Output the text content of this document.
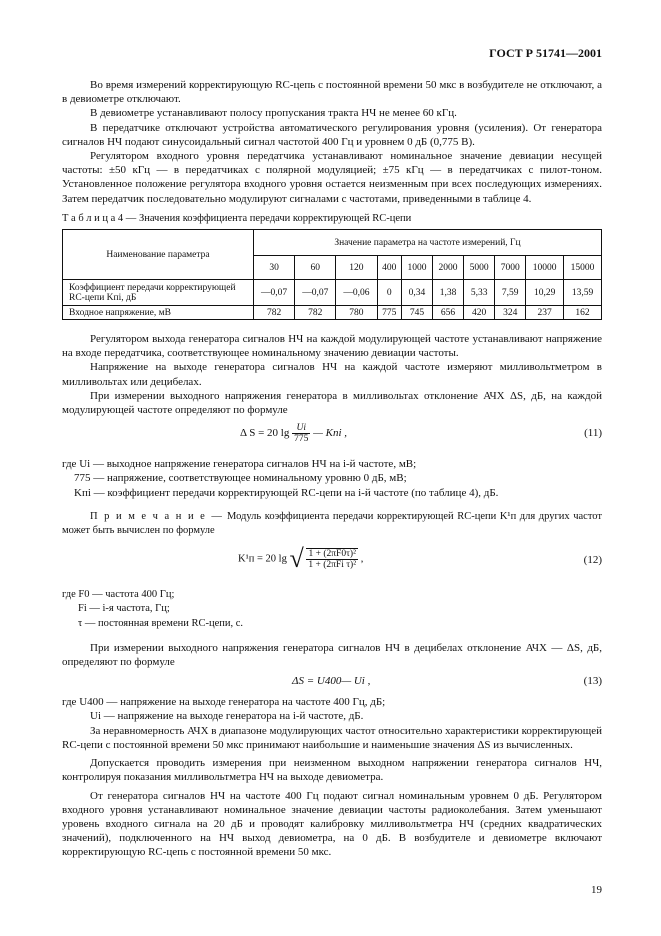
ГОСТ Р 51741—2001

Во время измерений корректирующую RC-цепь с постоянной времени 50 мкс в возбудителе не отключают, а в девиометре отключают.

В девиометре устанавливают полосу пропускания тракта НЧ не менее 60 кГц.

В передатчике отключают устройства автоматического регулирования уровня (усиления). От генератора сигналов НЧ подают синусоидальный сигнал частотой 400 Гц и уровнем 0 дБ (0,775 В).

Регулятором входного уровня передатчика устанавливают номинальное значение девиации несущей частоты: ±50 кГц — в передатчиках с полярной модуляцией; ±75 кГц — в передатчиках с пилот-тоном. Установленное положение регулятора входного уровня остается неизменным при всех последующих измерениях. Затем передатчик последовательно модулируют сигналами с частотами, приведенными в таблице 4.

Т а б л и ц а 4 — Значения коэффициента передачи корректирующей RC-цепи

Наименование параметра	Значение параметра на частоте измерений, Гц									
	30	60	120	400	1000	2000	5000	7000	10000	15000
Коэффициент передачи корректирующей RC-цепи Kпi, дБ	—0,07	—0,07	—0,06	0	0,34	1,38	5,33	7,59	10,29	13,59
Входное напряжение, мВ	782	782	780	775	745	656	420	324	237	162

Регулятором выхода генератора сигналов НЧ на каждой модулирующей частоте устанавливают напряжение на входе передатчика, соответствующее номинальному значению девиации частоты.

Напряжение на выходе генератора сигналов НЧ на каждой частоте измеряют милливольтметром в милливольтах или децибелах.

При измерении выходного напряжения генератора в милливольтах отклонение АЧХ ΔS, дБ, на каждой модулирующей частоте определяют по формуле

Δ S = 20 $\lg \frac{Ui}{775}$ — Kпi ,	(11)
где Ui — выходное напряжение генератора сигналов НЧ на i-й частоте, мВ;
775 — напряжение, соответствующее номинальному уровню 0 дБ, мВ;
Kпi — коэффициент передачи корректирующей RC-цепи на i-й частоте (по таблице 4), дБ.

П р и м е ч а н и е — Модуль коэффициента передачи корректирующей RC-цепи K¹п для других частот может быть вычислен по формуле

K¹п = 20 lg √ $\frac{\text{1 + (2πF0τ)²}}{\text{1 + (2πFi τ)²}}$ ,	(12)
где F0 — частота 400 Гц;
Fi — i-я частота, Гц;
τ — постоянная времени RC-цепи, с.

При измерении выходного напряжения генератора сигналов НЧ в децибелах отклонение АЧХ — ΔS, дБ, определяют по формуле

ΔS = U400— Ui ,	(13)
где U400 — напряжение на выходе генератора на частоте 400 Гц, дБ;
Ui — напряжение на выходе генератора на i-й частоте, дБ.

За неравномерность АЧХ в диапазоне модулирующих частот относительно характеристики корректирующей RC-цепи с постоянной времени 50 мкс принимают наибольшие и наименьшие значения ΔS из вычисленных.

Допускается проводить измерения при неизменном выходном напряжении генератора сигналов НЧ, контролируя показания милливольтметра НЧ на выходе девиометра.

От генератора сигналов НЧ на частоте 400 Гц подают сигнал номинальным уровнем 0 дБ. Регулятором входного уровня устанавливают номинальное значение девиации частоты радиоколебания. Затем уменьшают уровень входного сигнала на 20 дБ и проводят калибровку милливольтметра НЧ (средних квадратических значений), подключенного на НЧ выход девиометра, на 0 дБ. В возбудителе и девиометре включают корректирующую RC-цепь с постоянной времени 50 мкс.

19
